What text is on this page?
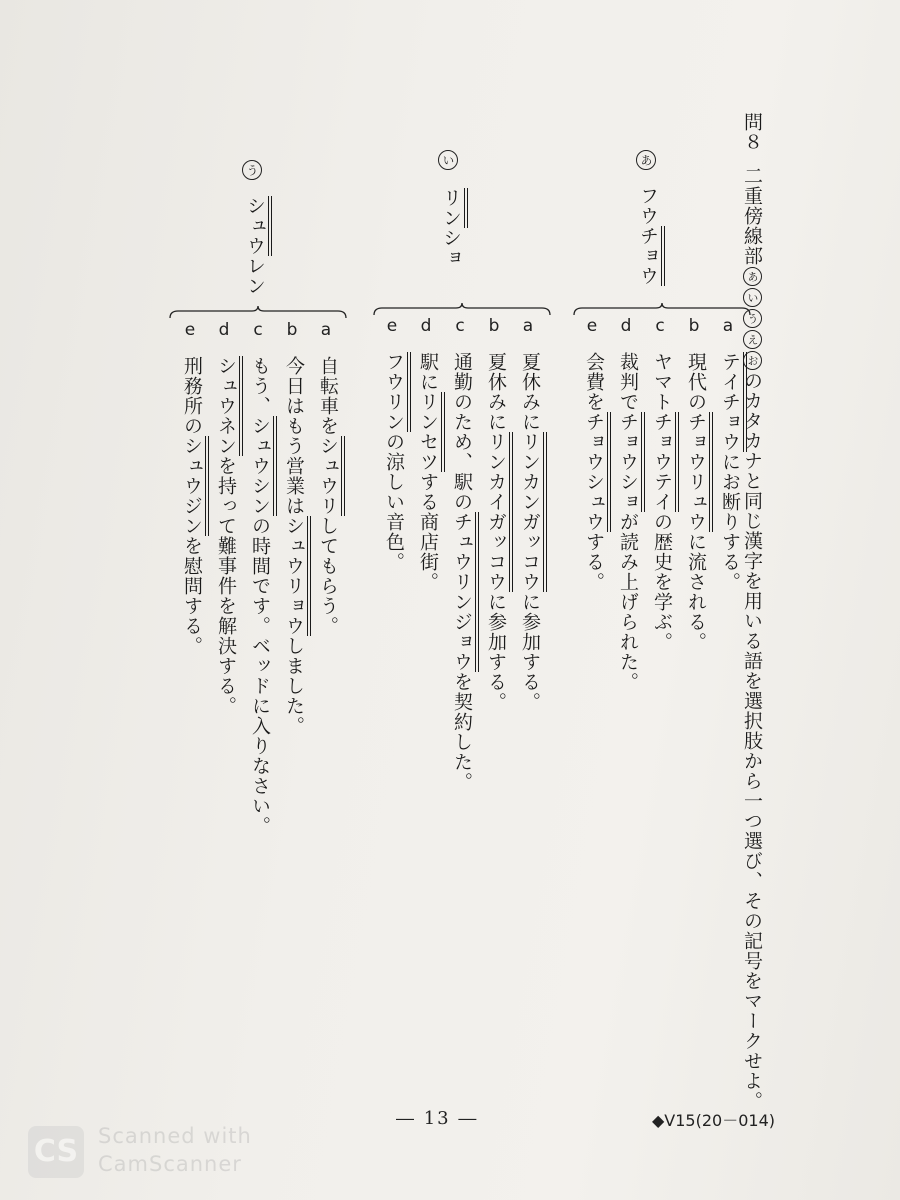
問８
二重傍線部あいうえおのカタカナと同じ漢字を用いる語を選択肢から一つ選び、その記号をマークせよ。
あ
フウチョウ
a
テイチョウにお断りする。
b
現代のチョウリュウに流される。
c
ヤマトチョウテイの歴史を学ぶ。
d
裁判でチョウショが読み上げられた。
e
会費をチョウシュウする。
い
リンショ
a
夏休みにリンカンガッコウに参加する。
b
夏休みにリンカイガッコウに参加する。
c
通勤のため、駅のチュウリンジョウを契約した。
d
駅にリンセツする商店街。
e
フウリンの涼しい音色。
う
シュウレン
a
自転車をシュウリしてもらう。
b
今日はもう営業はシュウリョウしました。
c
もう、シュウシンの時間です。ベッドに入りなさい。
d
シュウネンを持って難事件を解決する。
e
刑務所のシュウジンを慰問する。
― 13 ―	◆Ⅴ15(20－014)
CS Scanned with
CamScanner
